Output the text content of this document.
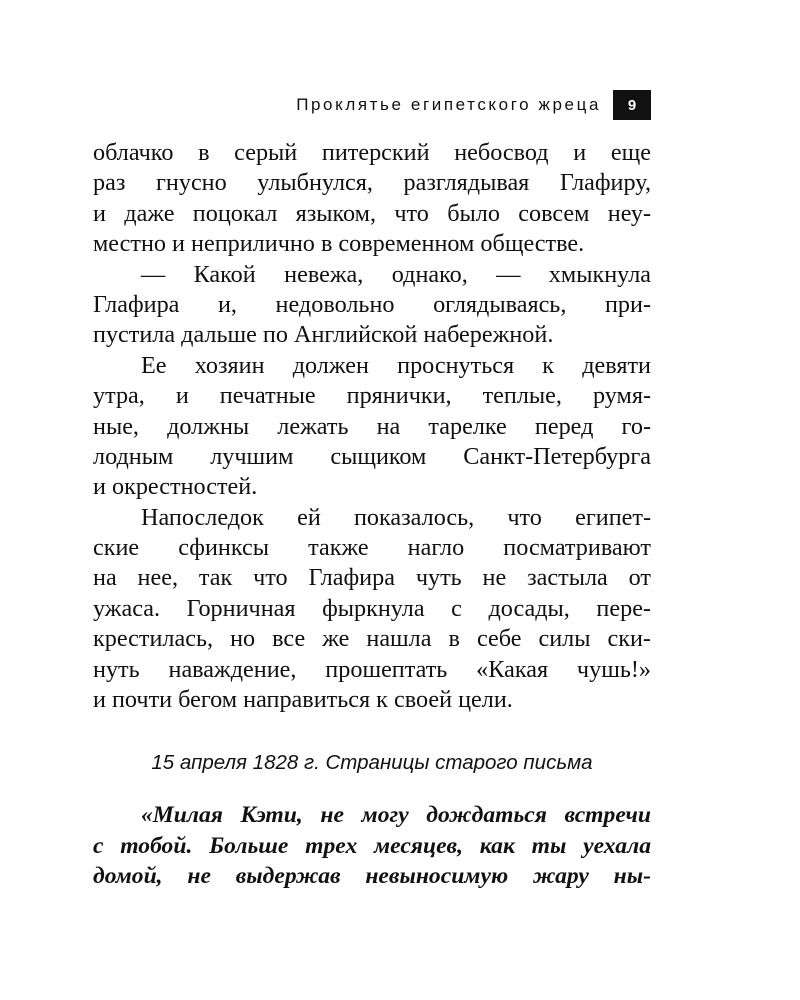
Проклятье египетского жреца	9
облачко в серый питерский небосвод и еще
раз гнусно улыбнулся, разглядывая Глафиру,
и даже поцокал языком, что было совсем неу-
местно и неприлично в современном обществе.
— Какой невежа, однако, — хмыкнула
Глафира и, недовольно оглядываясь, при-
пустила дальше по Английской набережной.
Ее хозяин должен проснуться к девяти
утра, и печатные прянички, теплые, румя-
ные, должны лежать на тарелке перед го-
лодным лучшим сыщиком Санкт-Петербурга
и окрестностей.
Напоследок ей показалось, что египет-
ские сфинксы также нагло посматривают
на нее, так что Глафира чуть не застыла от
ужаса. Горничная фыркнула с досады, пере-
крестилась, но все же нашла в себе силы ски-
нуть наваждение, прошептать «Какая чушь!»
и почти бегом направиться к своей цели.
15 апреля 1828 г. Страницы старого письма
«Милая Кэти, не могу дождаться встречи
с тобой. Больше трех месяцев, как ты уехала
домой, не выдержав невыносимую жару ны-
